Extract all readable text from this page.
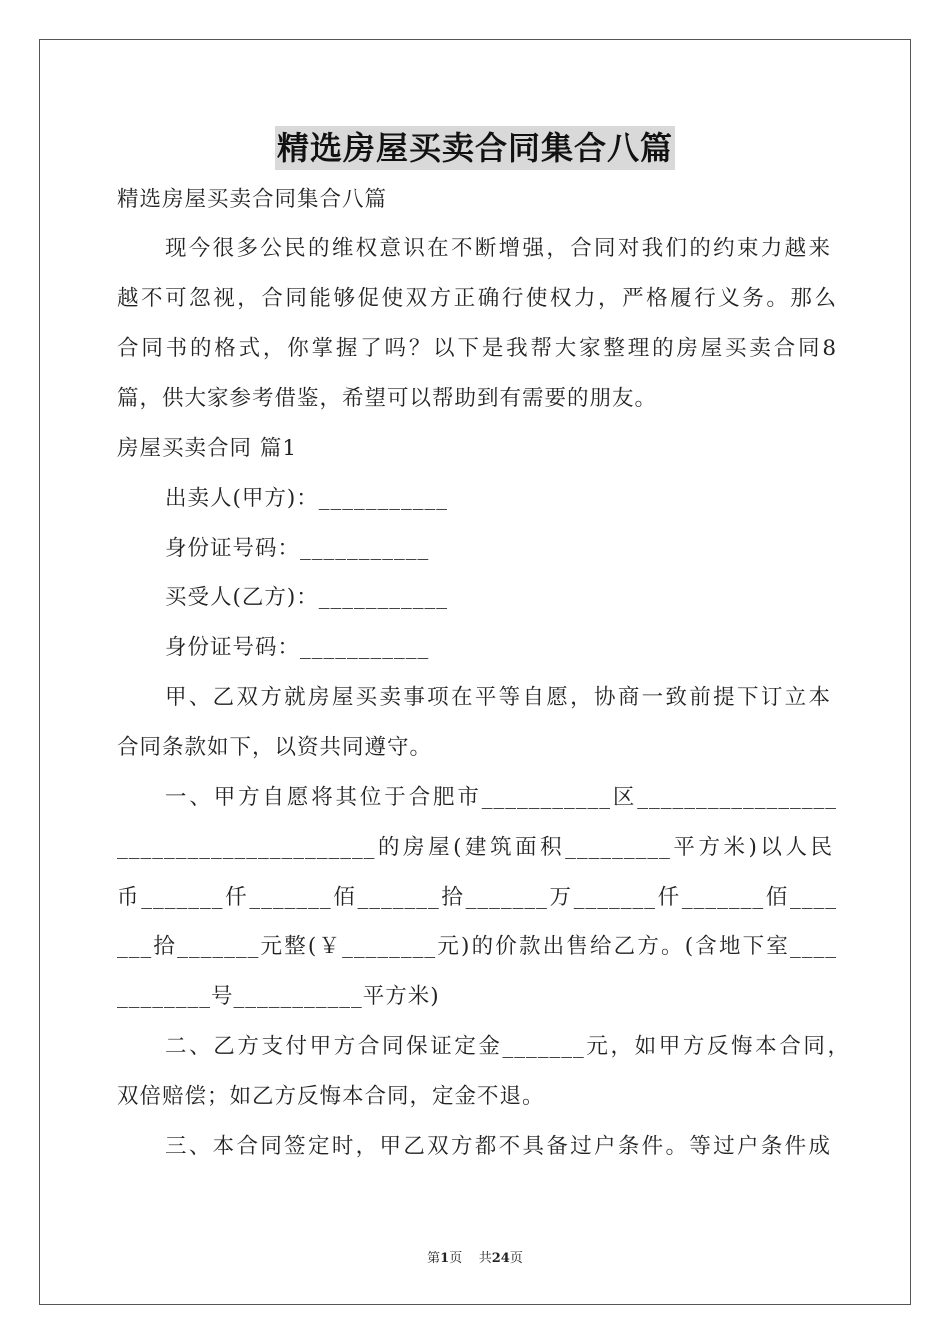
精选房屋买卖合同集合八篇
精选房屋买卖合同集合八篇
现今很多公民的维权意识在不断增强，合同对我们的约束力越来
越不可忽视，合同能够促使双方正确行使权力，严格履行义务。那么
合同书的格式，你掌握了吗？以下是我帮大家整理的房屋买卖合同8
篇，供大家参考借鉴，希望可以帮助到有需要的朋友。
房屋买卖合同 篇1
出卖人(甲方)：___________
身份证号码：___________
买受人(乙方)：___________
身份证号码：___________
甲、乙双方就房屋买卖事项在平等自愿，协商一致前提下订立本
合同条款如下，以资共同遵守。
一、甲方自愿将其位于合肥市___________区_________________
______________________的房屋(建筑面积_________平方米)以人民
币_______仟_______佰_______拾_______万_______仟_______佰____
___拾_______元整(￥________元)的价款出售给乙方。(含地下室____
________号___________平方米)
二、乙方支付甲方合同保证定金_______元，如甲方反悔本合同，
双倍赔偿；如乙方反悔本合同，定金不退。
三、本合同签定时，甲乙双方都不具备过户条件。等过户条件成
第1页 共24页
